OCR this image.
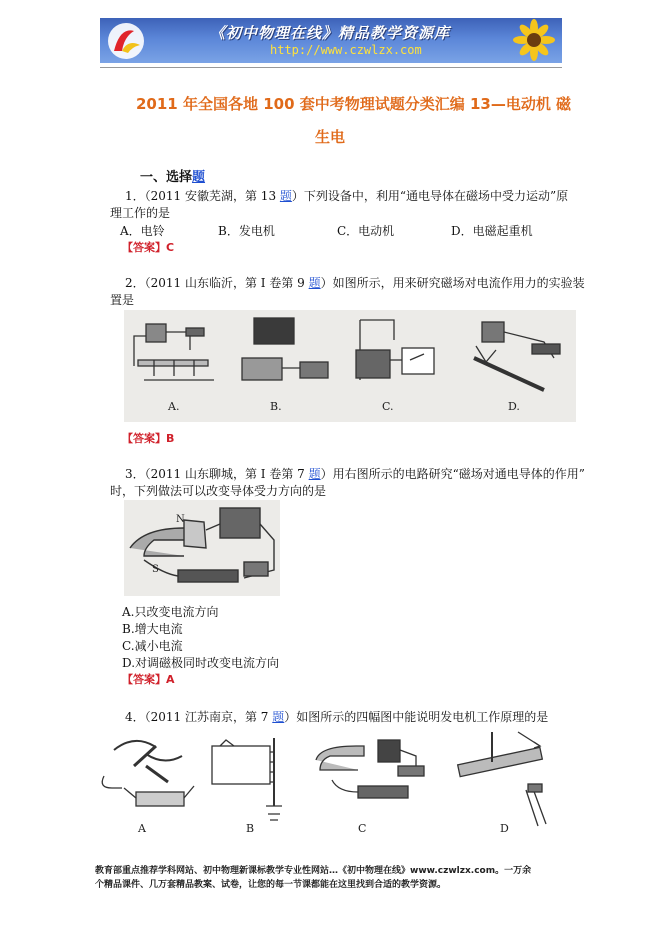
《初中物理在线》精品教学资源库
http://www.czwlzx.com
2011 年全国各地 100 套中考物理试题分类汇编 13—电动机 磁
生电
一、选择题
1．（2011 安徽芜湖，第 13 题）下列设备中，利用“通电导体在磁场中受力运动”原
理工作的是
A．电铃	B．发电机	C．电动机	D．电磁起重机
【答案】C
2．（2011 山东临沂，第 I 卷第 9 题）如图所示，用来研究磁场对电流作用力的实验装
置是
A.	B.	C.	D.
【答案】B
3．（2011 山东聊城，第 I 卷第 7 题）用右图所示的电路研究“磁场对通电导体的作用”
时，下列做法可以改变导体受力方向的是
N
S
A.只改变电流方向
B.增大电流
C.减小电流
D.对调磁极同时改变电流方向
【答案】A
4．（2011 江苏南京，第 7 题）如图所示的四幅图中能说明发电机工作原理的是
A	B	C	D
教育部重点推荐学科网站、初中物理新课标教学专业性网站…《初中物理在线》www.czwlzx.com。一万余
个精品课件、几万套精品教案、试卷，让您的每一节课都能在这里找到合适的教学资源。
